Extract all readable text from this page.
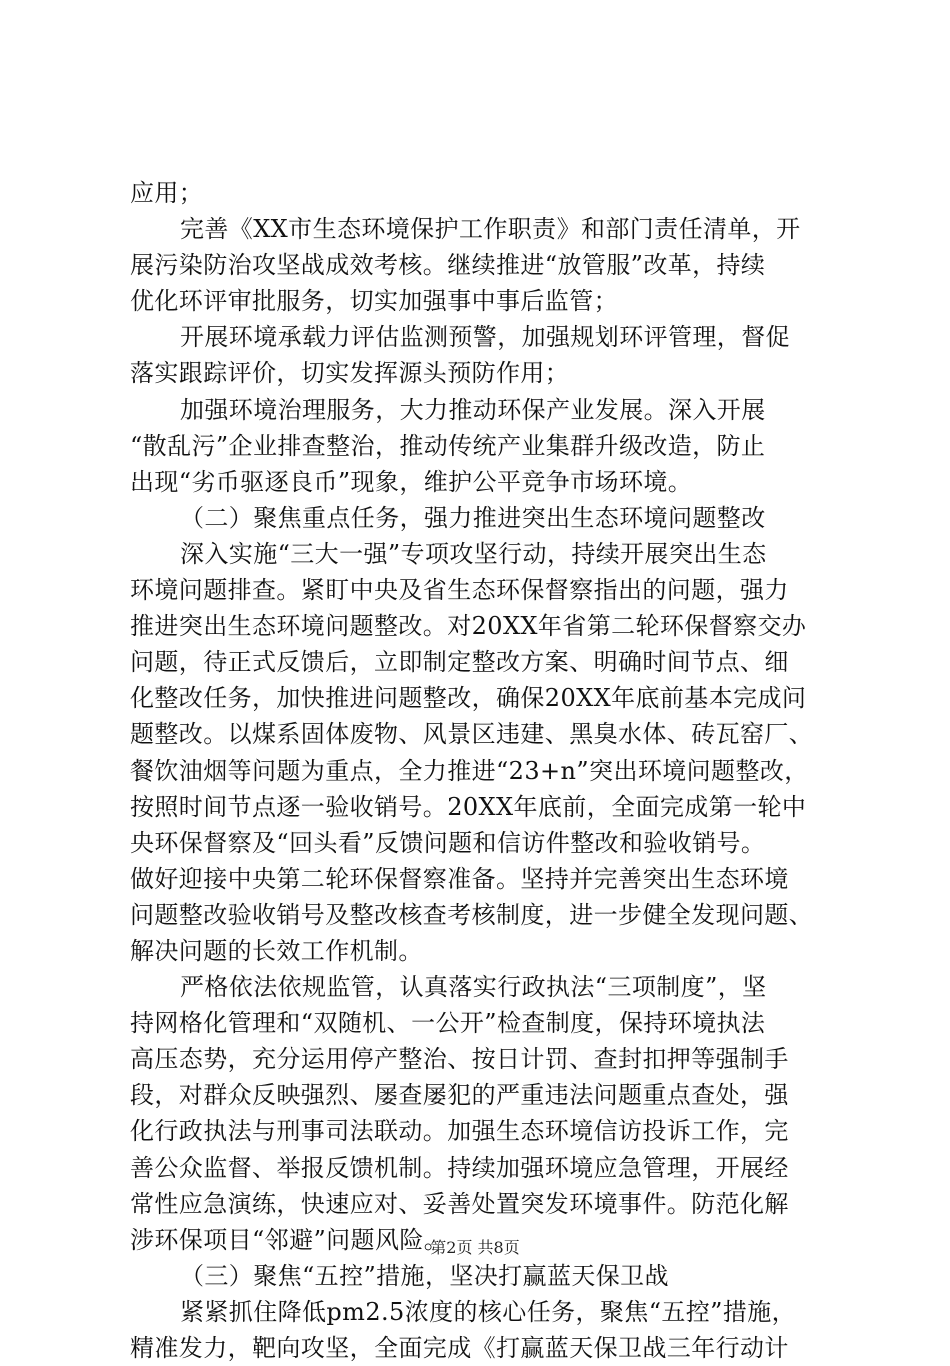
应用；
完善《XX市生态环境保护工作职责》和部门责任清单，开
展污染防治攻坚战成效考核。继续推进“放管服”改革，持续
优化环评审批服务，切实加强事中事后监管；
开展环境承载力评估监测预警，加强规划环评管理，督促
落实跟踪评价，切实发挥源头预防作用；
加强环境治理服务，大力推动环保产业发展。深入开展
“散乱污”企业排查整治，推动传统产业集群升级改造，防止
出现“劣币驱逐良币”现象，维护公平竞争市场环境。
（二）聚焦重点任务，强力推进突出生态环境问题整改
深入实施“三大一强”专项攻坚行动，持续开展突出生态
环境问题排查。紧盯中央及省生态环保督察指出的问题，强力
推进突出生态环境问题整改。对20XX年省第二轮环保督察交办
问题，待正式反馈后，立即制定整改方案、明确时间节点、细
化整改任务，加快推进问题整改，确保20XX年底前基本完成问
题整改。以煤系固体废物、风景区违建、黑臭水体、砖瓦窑厂、
餐饮油烟等问题为重点，全力推进“23+n”突出环境问题整改，
按照时间节点逐一验收销号。20XX年底前，全面完成第一轮中
央环保督察及“回头看”反馈问题和信访件整改和验收销号。
做好迎接中央第二轮环保督察准备。坚持并完善突出生态环境
问题整改验收销号及整改核查考核制度，进一步健全发现问题、
解决问题的长效工作机制。
严格依法依规监管，认真落实行政执法“三项制度”，坚
持网格化管理和“双随机、一公开”检查制度，保持环境执法
高压态势，充分运用停产整治、按日计罚、查封扣押等强制手
段，对群众反映强烈、屡查屡犯的严重违法问题重点查处，强
化行政执法与刑事司法联动。加强生态环境信访投诉工作，完
善公众监督、举报反馈机制。持续加强环境应急管理，开展经
常性应急演练，快速应对、妥善处置突发环境事件。防范化解
涉环保项目“邻避”问题风险。
（三）聚焦“五控”措施，坚决打赢蓝天保卫战
紧紧抓住降低pm2.5浓度的核心任务，聚焦“五控”措施，
精准发力，靶向攻坚，全面完成《打赢蓝天保卫战三年行动计
第2页 共8页
